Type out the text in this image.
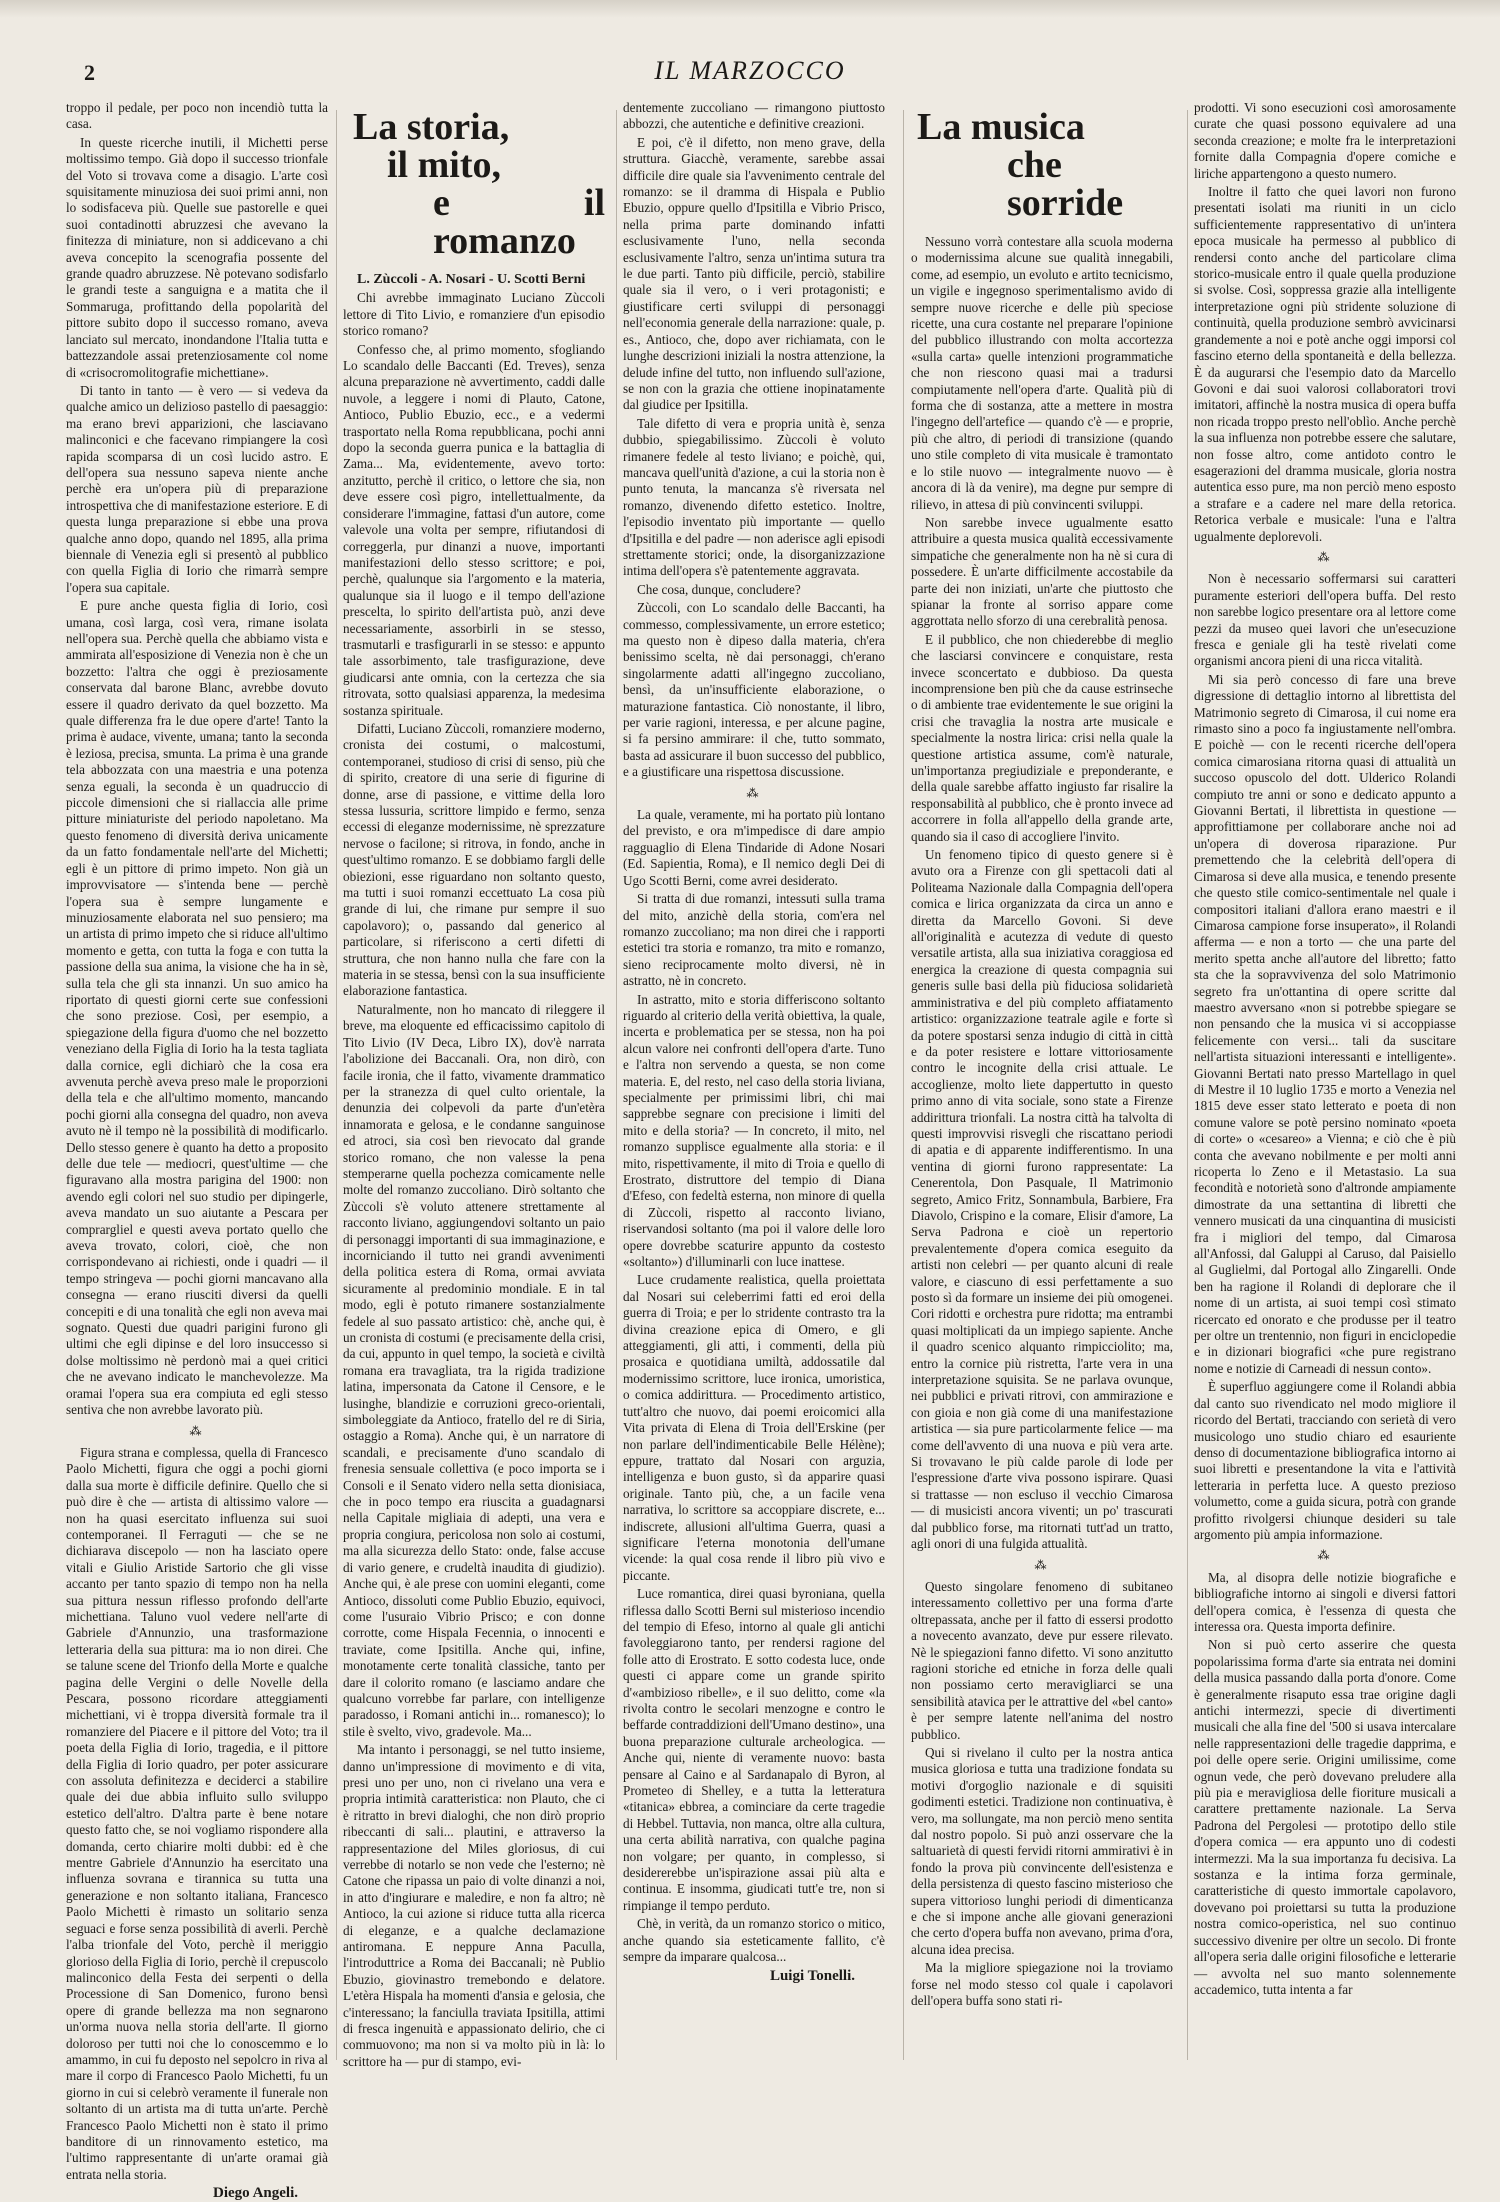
2	IL MARZOCCO

troppo il pedale, per poco non incendiò tutta la casa.

In queste ricerche inutili, il Michetti perse moltissimo tempo. Già dopo il successo trionfale del Voto si trovava come a disagio. L'arte così squisitamente minuziosa dei suoi primi anni, non lo sodisfaceva più. Quelle sue pastorelle e quei suoi contadinotti abruzzesi che avevano la finitezza di miniature, non si addicevano a chi aveva concepito la scenografia possente del grande quadro abruzzese. Nè potevano sodisfarlo le grandi teste a sanguigna e a matita che il Sommaruga, profittando della popolarità del pittore subito dopo il successo romano, aveva lanciato sul mercato, inondandone l'Italia tutta e battezzandole assai pretenziosamente col nome di «crisocromolitografie michettiane».

Di tanto in tanto — è vero — si vedeva da qualche amico un delizioso pastello di paesaggio: ma erano brevi apparizioni, che lasciavano malinconici e che facevano rimpiangere la così rapida scomparsa di un così lucido astro. E dell'opera sua nessuno sapeva niente anche perchè era un'opera più di preparazione introspettiva che di manifestazione esteriore. E di questa lunga preparazione si ebbe una prova qualche anno dopo, quando nel 1895, alla prima biennale di Venezia egli si presentò al pubblico con quella Figlia di Iorio che rimarrà sempre l'opera sua capitale.

E pure anche questa figlia di Iorio, così umana, così larga, così vera, rimane isolata nell'opera sua. Perchè quella che abbiamo vista e ammirata all'esposizione di Venezia non è che un bozzetto: l'altra che oggi è preziosamente conservata dal barone Blanc, avrebbe dovuto essere il quadro derivato da quel bozzetto. Ma quale differenza fra le due opere d'arte! Tanto la prima è audace, vivente, umana; tanto la seconda è leziosa, precisa, smunta. La prima è una grande tela abbozzata con una maestria e una potenza senza eguali, la seconda è un quadruccio di piccole dimensioni che si riallaccia alle prime pitture miniaturiste del periodo napoletano. Ma questo fenomeno di diversità deriva unicamente da un fatto fondamentale nell'arte del Michetti; egli è un pittore di primo impeto. Non già un improvvisatore — s'intenda bene — perchè l'opera sua è sempre lungamente e minuziosamente elaborata nel suo pensiero; ma un artista di primo impeto che si riduce all'ultimo momento e getta, con tutta la foga e con tutta la passione della sua anima, la visione che ha in sè, sulla tela che gli sta innanzi. Un suo amico ha riportato di questi giorni certe sue confessioni che sono preziose. Così, per esempio, a spiegazione della figura d'uomo che nel bozzetto veneziano della Figlia di Iorio ha la testa tagliata dalla cornice, egli dichiarò che la cosa era avvenuta perchè aveva preso male le proporzioni della tela e che all'ultimo momento, mancando pochi giorni alla consegna del quadro, non aveva avuto nè il tempo nè la possibilità di modificarlo. Dello stesso genere è quanto ha detto a proposito delle due tele — mediocri, quest'ultime — che figuravano alla mostra parigina del 1900: non avendo egli colori nel suo studio per dipingerle, aveva mandato un suo aiutante a Pescara per comprargliel e questi aveva portato quello che aveva trovato, colori, cioè, che non corrispondevano ai richiesti, onde i quadri — il tempo stringeva — pochi giorni mancavano alla consegna — erano riusciti diversi da quelli concepiti e di una tonalità che egli non aveva mai sognato. Questi due quadri parigini furono gli ultimi che egli dipinse e del loro insuccesso si dolse moltissimo nè perdonò mai a quei critici che ne avevano indicato le manchevolezze. Ma oramai l'opera sua era compiuta ed egli stesso sentiva che non avrebbe lavorato più.

⁂

Figura strana e complessa, quella di Francesco Paolo Michetti, figura che oggi a pochi giorni dalla sua morte è difficile definire. Quello che si può dire è che — artista di altissimo valore — non ha quasi esercitato influenza sui suoi contemporanei. Il Ferraguti — che se ne dichiarava discepolo — non ha lasciato opere vitali e Giulio Aristide Sartorio che gli visse accanto per tanto spazio di tempo non ha nella sua pittura nessun riflesso profondo dell'arte michettiana. Taluno vuol vedere nell'arte di Gabriele d'Annunzio, una trasformazione letteraria della sua pittura: ma io non direi. Che se talune scene del Trionfo della Morte e qualche pagina delle Vergini o delle Novelle della Pescara, possono ricordare atteggiamenti michettiani, vi è troppa diversità formale tra il romanziere del Piacere e il pittore del Voto; tra il poeta della Figlia di Iorio, tragedia, e il pittore della Figlia di Iorio quadro, per poter assicurare con assoluta definitezza e deciderci a stabilire quale dei due abbia influito sullo sviluppo estetico dell'altro. D'altra parte è bene notare questo fatto che, se noi vogliamo rispondere alla domanda, certo chiarire molti dubbi: ed è che mentre Gabriele d'Annunzio ha esercitato una influenza sovrana e tirannica su tutta una generazione e non soltanto italiana, Francesco Paolo Michetti è rimasto un solitario senza seguaci e forse senza possibilità di averli. Perchè l'alba trionfale del Voto, perchè il meriggio glorioso della Figlia di Iorio, perchè il crepuscolo malinconico della Festa dei serpenti o della Processione di San Domenico, furono bensì opere di grande bellezza ma non segnarono un'orma nuova nella storia dell'arte. Il giorno doloroso per tutti noi che lo conoscemmo e lo amammo, in cui fu deposto nel sepolcro in riva al mare il corpo di Francesco Paolo Michetti, fu un giorno in cui si celebrò veramente il funerale non soltanto di un artista ma di tutta un'arte. Perchè Francesco Paolo Michetti non è stato il primo banditore di un rinnovamento estetico, ma l'ultimo rappresentante di un'arte oramai già entrata nella storia.

Diego Angeli.

La storia,
il mito,
e il romanzo

L. Zùccoli - A. Nosari - U. Scotti Berni

Chi avrebbe immaginato Luciano Zùccoli lettore di Tito Livio, e romanziere d'un episodio storico romano?

Confesso che, al primo momento, sfogliando Lo scandalo delle Baccanti (Ed. Treves), senza alcuna preparazione nè avvertimento, caddi dalle nuvole, a leggere i nomi di Plauto, Catone, Antioco, Publio Ebuzio, ecc., e a vedermi trasportato nella Roma repubblicana, pochi anni dopo la seconda guerra punica e la battaglia di Zama... Ma, evidentemente, avevo torto: anzitutto, perchè il critico, o lettore che sia, non deve essere così pigro, intellettualmente, da considerare l'immagine, fattasi d'un autore, come valevole una volta per sempre, rifiutandosi di correggerla, pur dinanzi a nuove, importanti manifestazioni dello stesso scrittore; e poi, perchè, qualunque sia l'argomento e la materia, qualunque sia il luogo e il tempo dell'azione prescelta, lo spirito dell'artista può, anzi deve necessariamente, assorbirli in se stesso, trasmutarli e trasfigurarli in se stesso: e appunto tale assorbimento, tale trasfigurazione, deve giudicarsi ante omnia, con la certezza che sia ritrovata, sotto qualsiasi apparenza, la medesima sostanza spirituale.

Difatti, Luciano Zùccoli, romanziere moderno, cronista dei costumi, o malcostumi, contemporanei, studioso di crisi di senso, più che di spirito, creatore di una serie di figurine di donne, arse di passione, e vittime della loro stessa lussuria, scrittore limpido e fermo, senza eccessi di eleganze modernissime, nè sprezzature nervose o facilone; si ritrova, in fondo, anche in quest'ultimo romanzo. E se dobbiamo fargli delle obiezioni, esse riguardano non soltanto questo, ma tutti i suoi romanzi eccettuato La cosa più grande di lui, che rimane pur sempre il suo capolavoro); o, passando dal generico al particolare, si riferiscono a certi difetti di struttura, che non hanno nulla che fare con la materia in se stessa, bensì con la sua insufficiente elaborazione fantastica.

Naturalmente, non ho mancato di rileggere il breve, ma eloquente ed efficacissimo capitolo di Tito Livio (IV Deca, Libro IX), dov'è narrata l'abolizione dei Baccanali. Ora, non dirò, con facile ironia, che il fatto, vivamente drammatico per la stranezza di quel culto orientale, la denunzia dei colpevoli da parte d'un'etèra innamorata e gelosa, e le condanne sanguinose ed atroci, sia così ben rievocato dal grande storico romano, che non valesse la pena stemperarne quella pochezza comicamente nelle molte del romanzo zuccoliano. Dirò soltanto che Zùccoli s'è voluto attenere strettamente al racconto liviano, aggiungendovi soltanto un paio di personaggi importanti di sua immaginazione, e incorniciando il tutto nei grandi avvenimenti della politica estera di Roma, ormai avviata sicuramente al predominio mondiale. E in tal modo, egli è potuto rimanere sostanzialmente fedele al suo passato artistico: chè, anche qui, è un cronista di costumi (e precisamente della crisi, da cui, appunto in quel tempo, la società e civiltà romana era travagliata, tra la rigida tradizione latina, impersonata da Catone il Censore, e le lusinghe, blandizie e corruzioni greco-orientali, simboleggiate da Antioco, fratello del re di Siria, ostaggio a Roma). Anche qui, è un narratore di scandali, e precisamente d'uno scandalo di frenesia sensuale collettiva (e poco importa se i Consoli e il Senato videro nella setta dionisiaca, che in poco tempo era riuscita a guadagnarsi nella Capitale migliaia di adepti, una vera e propria congiura, pericolosa non solo ai costumi, ma alla sicurezza dello Stato: onde, false accuse di vario genere, e crudeltà inaudita di giudizio). Anche qui, è ale prese con uomini eleganti, come Antioco, dissoluti come Publio Ebuzio, equivoci, come l'usuraio Vibrio Prisco; e con donne corrotte, come Hispala Fecennia, o innocenti e traviate, come Ipsitilla. Anche qui, infine, monotamente certe tonalità classiche, tanto per dare il colorito romano (e lasciamo andare che qualcuno vorrebbe far parlare, con intelligenze paradosso, i Romani antichi in... romanesco); lo stile è svelto, vivo, gradevole. Ma...

Ma intanto i personaggi, se nel tutto insieme, danno un'impressione di movimento e di vita, presi uno per uno, non ci rivelano una vera e propria intimità caratteristica: non Plauto, che ci è ritratto in brevi dialoghi, che non dirò proprio ribeccanti di sali... plautini, e attraverso la rappresentazione del Miles gloriosus, di cui verrebbe di notarlo se non vede che l'esterno; nè Catone che ripassa un paio di volte dinanzi a noi, in atto d'ingiurare e maledire, e non fa altro; nè Antioco, la cui azione si riduce tutta alla ricerca di eleganze, e a qualche declamazione antiromana. E neppure Anna Paculla, l'introduttrice a Roma dei Baccanali; nè Publio Ebuzio, giovinastro tremebondo e delatore. L'etèra Hispala ha momenti d'ansia e gelosia, che c'interessano; la fanciulla traviata Ipsitilla, attimi di fresca ingenuità e appassionato delirio, che ci commuovono; ma non si va molto più in là: lo scrittore ha — pur di stampo, evi-

dentemente zuccoliano — rimangono piuttosto abbozzi, che autentiche e definitive creazioni.

E poi, c'è il difetto, non meno grave, della struttura. Giacchè, veramente, sarebbe assai difficile dire quale sia l'avvenimento centrale del romanzo: se il dramma di Hispala e Publio Ebuzio, oppure quello d'Ipsitilla e Vibrio Prisco, nella prima parte dominando infatti esclusivamente l'uno, nella seconda esclusivamente l'altro, senza un'intima sutura tra le due parti. Tanto più difficile, perciò, stabilire quale sia il vero, o i veri protagonisti; e giustificare certi sviluppi di personaggi nell'economia generale della narrazione: quale, p. es., Antioco, che, dopo aver richiamata, con le lunghe descrizioni iniziali la nostra attenzione, la delude infine del tutto, non influendo sull'azione, se non con la grazia che ottiene inopinatamente dal giudice per Ipsitilla.

Tale difetto di vera e propria unità è, senza dubbio, spiegabilissimo. Zùccoli è voluto rimanere fedele al testo liviano; e poichè, qui, mancava quell'unità d'azione, a cui la storia non è punto tenuta, la mancanza s'è riversata nel romanzo, divenendo difetto estetico. Inoltre, l'episodio inventato più importante — quello d'Ipsitilla e del padre — non aderisce agli episodi strettamente storici; onde, la disorganizzazione intima dell'opera s'è patentemente aggravata.

Che cosa, dunque, concludere?

Zùccoli, con Lo scandalo delle Baccanti, ha commesso, complessivamente, un errore estetico; ma questo non è dipeso dalla materia, ch'era benissimo scelta, nè dai personaggi, ch'erano singolarmente adatti all'ingegno zuccoliano, bensì, da un'insufficiente elaborazione, o maturazione fantastica. Ciò nonostante, il libro, per varie ragioni, interessa, e per alcune pagine, si fa persino ammirare: il che, tutto sommato, basta ad assicurare il buon successo del pubblico, e a giustificare una rispettosa discussione.

⁂

La quale, veramente, mi ha portato più lontano del previsto, e ora m'impedisce di dare ampio ragguaglio di Elena Tindaride di Adone Nosari (Ed. Sapientia, Roma), e Il nemico degli Dei di Ugo Scotti Berni, come avrei desiderato.

Si tratta di due romanzi, intessuti sulla trama del mito, anzichè della storia, com'era nel romanzo zuccoliano; ma non direi che i rapporti estetici tra storia e romanzo, tra mito e romanzo, sieno reciprocamente molto diversi, nè in astratto, nè in concreto.

In astratto, mito e storia differiscono soltanto riguardo al criterio della verità obiettiva, la quale, incerta e problematica per se stessa, non ha poi alcun valore nei confronti dell'opera d'arte. Tuno e l'altra non servendo a questa, se non come materia. E, del resto, nel caso della storia liviana, specialmente per primissimi libri, chi mai sapprebbe segnare con precisione i limiti del mito e della storia? — In concreto, il mito, nel romanzo supplisce egualmente alla storia: e il mito, rispettivamente, il mito di Troia e quello di Erostrato, distruttore del tempio di Diana d'Efeso, con fedeltà esterna, non minore di quella di Zùccoli, rispetto al racconto liviano, riservandosi soltanto (ma poi il valore delle loro opere dovrebbe scaturire appunto da costesto «soltanto») d'illuminarli con luce inattese.

Luce crudamente realistica, quella proiettata dal Nosari sui celeberrimi fatti ed eroi della guerra di Troia; e per lo stridente contrasto tra la divina creazione epica di Omero, e gli atteggiamenti, gli atti, i commenti, della più prosaica e quotidiana umiltà, addossatile dal modernissimo scrittore, luce ironica, umoristica, o comica addirittura. — Procedimento artistico, tutt'altro che nuovo, dai poemi eroicomici alla Vita privata di Elena di Troia dell'Erskine (per non parlare dell'indimenticabile Belle Hélène); eppure, trattato dal Nosari con arguzia, intelligenza e buon gusto, sì da apparire quasi originale. Tanto più, che, a un facile vena narrativa, lo scrittore sa accoppiare discrete, e... indiscrete, allusioni all'ultima Guerra, quasi a significare l'eterna monotonia dell'umane vicende: la qual cosa rende il libro più vivo e piccante.

Luce romantica, direi quasi byroniana, quella riflessa dallo Scotti Berni sul misterioso incendio del tempio di Efeso, intorno al quale gli antichi favoleggiarono tanto, per rendersi ragione del folle atto di Erostrato. E sotto codesta luce, onde questi ci appare come un grande spirito d'«ambizioso ribelle», e il suo delitto, come «la rivolta contro le secolari menzogne e contro le beffarde contraddizioni dell'Umano destino», una buona preparazione culturale archeologica. — Anche qui, niente di veramente nuovo: basta pensare al Caino e al Sardanapalo di Byron, al Prometeo di Shelley, e a tutta la letteratura «titanica» ebbrea, a cominciare da certe tragedie di Hebbel. Tuttavia, non manca, oltre alla cultura, una certa abilità narrativa, con qualche pagina non volgare; per quanto, in complesso, si desidererebbe un'ispirazione assai più alta e continua. E insomma, giudicati tutt'e tre, non si rimpiange il tempo perduto.

Chè, in verità, da un romanzo storico o mitico, anche quando sia esteticamente fallito, c'è sempre da imparare qualcosa...

Luigi Tonelli.

La musica
che sorride

Nessuno vorrà contestare alla scuola moderna o modernissima alcune sue qualità innegabili, come, ad esempio, un evoluto e artito tecnicismo, un vigile e ingegnoso sperimentalismo avido di sempre nuove ricerche e delle più speciose ricette, una cura costante nel preparare l'opinione del pubblico illustrando con molta accortezza «sulla carta» quelle intenzioni programmatiche che non riescono quasi mai a tradursi compiutamente nell'opera d'arte. Qualità più di forma che di sostanza, atte a mettere in mostra l'ingegno dell'artefice — quando c'è — e proprie, più che altro, di periodi di transizione (quando uno stile completo di vita musicale è tramontato e lo stile nuovo — integralmente nuovo — è ancora di là da venire), ma degne pur sempre di rilievo, in attesa di più convincenti sviluppi.

Non sarebbe invece ugualmente esatto attribuire a questa musica qualità eccessivamente simpatiche che generalmente non ha nè si cura di possedere. È un'arte difficilmente accostabile da parte dei non iniziati, un'arte che piuttosto che spianar la fronte al sorriso appare come aggrottata nello sforzo di una cerebralità penosa.

E il pubblico, che non chiederebbe di meglio che lasciarsi convincere e conquistare, resta invece sconcertato e dubbioso. Da questa incomprensione ben più che da cause estrinseche o di ambiente trae evidentemente le sue origini la crisi che travaglia la nostra arte musicale e specialmente la nostra lirica: crisi nella quale la questione artistica assume, com'è naturale, un'importanza pregiudiziale e preponderante, e della quale sarebbe affatto ingiusto far risalire la responsabilità al pubblico, che è pronto invece ad accorrere in folla all'appello della grande arte, quando sia il caso di accogliere l'invito.

Un fenomeno tipico di questo genere si è avuto ora a Firenze con gli spettacoli dati al Politeama Nazionale dalla Compagnia dell'opera comica e lirica organizzata da circa un anno e diretta da Marcello Govoni. Si deve all'originalità e acutezza di vedute di questo versatile artista, alla sua iniziativa coraggiosa ed energica la creazione di questa compagnia sui generis sulle basi della più fiduciosa solidarietà amministrativa e del più completo affiatamento artistico: organizzazione teatrale agile e forte sì da potere spostarsi senza indugio di città in città e da poter resistere e lottare vittoriosamente contro le incognite della crisi attuale. Le accoglienze, molto liete dappertutto in questo primo anno di vita sociale, sono state a Firenze addirittura trionfali. La nostra città ha talvolta di questi improvvisi risvegli che riscattano periodi di apatia e di apparente indifferentismo. In una ventina di giorni furono rappresentate: La Cenerentola, Don Pasquale, Il Matrimonio segreto, Amico Fritz, Sonnambula, Barbiere, Fra Diavolo, Crispino e la comare, Elisir d'amore, La Serva Padrona e cioè un repertorio prevalentemente d'opera comica eseguito da artisti non celebri — per quanto alcuni di reale valore, e ciascuno di essi perfettamente a suo posto sì da formare un insieme dei più omogenei. Cori ridotti e orchestra pure ridotta; ma entrambi quasi moltiplicati da un impiego sapiente. Anche il quadro scenico alquanto rimpicciolito; ma, entro la cornice più ristretta, l'arte vera in una interpretazione squisita. Se ne parlava ovunque, nei pubblici e privati ritrovi, con ammirazione e con gioia e non già come di una manifestazione artistica — sia pure particolarmente felice — ma come dell'avvento di una nuova e più vera arte. Si trovavano le più calde parole di lode per l'espressione d'arte viva possono ispirare. Quasi si trattasse — non escluso il vecchio Cimarosa — di musicisti ancora viventi; un po' trascurati dal pubblico forse, ma ritornati tutt'ad un tratto, agli onori di una fulgida attualità.

⁂

Questo singolare fenomeno di subitaneo interessamento collettivo per una forma d'arte oltrepassata, anche per il fatto di essersi prodotto a novecento avanzato, deve pur essere rilevato. Nè le spiegazioni fanno difetto. Vi sono anzitutto ragioni storiche ed etniche in forza delle quali non possiamo certo meravigliarci se una sensibilità atavica per le attrattive del «bel canto» è per sempre latente nell'anima del nostro pubblico.

Qui si rivelano il culto per la nostra antica musica gloriosa e tutta una tradizione fondata su motivi d'orgoglio nazionale e di squisiti godimenti estetici. Tradizione non continuativa, è vero, ma sollungate, ma non perciò meno sentita dal nostro popolo. Si può anzi osservare che la saltuarietà di questi fervidi ritorni ammirativi è in fondo la prova più convincente dell'esistenza e della persistenza di questo fascino misterioso che supera vittorioso lunghi periodi di dimenticanza e che si impone anche alle giovani generazioni che certo d'opera buffa non avevano, prima d'ora, alcuna idea precisa.

Ma la migliore spiegazione noi la troviamo forse nel modo stesso col quale i capolavori dell'opera buffa sono stati ri-

prodotti. Vi sono esecuzioni così amorosamente curate che quasi possono equivalere ad una seconda creazione; e molte fra le interpretazioni fornite dalla Compagnia d'opere comiche e liriche appartengono a questo numero.

Inoltre il fatto che quei lavori non furono presentati isolati ma riuniti in un ciclo sufficientemente rappresentativo di un'intera epoca musicale ha permesso al pubblico di rendersi conto anche del particolare clima storico-musicale entro il quale quella produzione si svolse. Così, soppressa grazie alla intelligente interpretazione ogni più stridente soluzione di continuità, quella produzione sembrò avvicinarsi grandemente a noi e potè anche oggi imporsi col fascino eterno della spontaneità e della bellezza. È da augurarsi che l'esempio dato da Marcello Govoni e dai suoi valorosi collaboratori trovi imitatori, affinchè la nostra musica di opera buffa non ricada troppo presto nell'oblìo. Anche perchè la sua influenza non potrebbe essere che salutare, non fosse altro, come antidoto contro le esagerazioni del dramma musicale, gloria nostra autentica esso pure, ma non perciò meno esposto a strafare e a cadere nel mare della retorica. Retorica verbale e musicale: l'una e l'altra ugualmente deplorevoli.

⁂

Non è necessario soffermarsi sui caratteri puramente esteriori dell'opera buffa. Del resto non sarebbe logico presentare ora al lettore come pezzi da museo quei lavori che un'esecuzione fresca e geniale gli ha testè rivelati come organismi ancora pieni di una ricca vitalità.

Mi sia però concesso di fare una breve digressione di dettaglio intorno al librettista del Matrimonio segreto di Cimarosa, il cui nome era rimasto sino a poco fa ingiustamente nell'ombra. E poichè — con le recenti ricerche dell'opera comica cimarosiana ritorna quasi di attualità un succoso opuscolo del dott. Ulderico Rolandi compiuto tre anni or sono e dedicato appunto a Giovanni Bertati, il librettista in questione — approfittiamone per collaborare anche noi ad un'opera di doverosa riparazione. Pur premettendo che la celebrità dell'opera di Cimarosa si deve alla musica, e tenendo presente che questo stile comico-sentimentale nel quale i compositori italiani d'allora erano maestri e il Cimarosa campione forse insuperato», il Rolandi afferma — e non a torto — che una parte del merito spetta anche all'autore del libretto; fatto sta che la sopravvivenza del solo Matrimonio segreto fra un'ottantina di opere scritte dal maestro avversano «non si potrebbe spiegare se non pensando che la musica vi si accoppiasse felicemente con versi... tali da suscitare nell'artista situazioni interessanti e intelligente». Giovanni Bertati nato presso Martellago in quel di Mestre il 10 luglio 1735 e morto a Venezia nel 1815 deve esser stato letterato e poeta di non comune valore se potè persino nominato «poeta di corte» o «cesareo» a Vienna; e ciò che è più conta che avevano nobilmente e per molti anni ricoperta lo Zeno e il Metastasio. La sua fecondità e notorietà sono d'altronde ampiamente dimostrate da una settantina di libretti che vennero musicati da una cinquantina di musicisti fra i migliori del tempo, dal Cimarosa all'Anfossi, dal Galuppi al Caruso, dal Paisiello al Guglielmi, dal Portogal allo Zingarelli. Onde ben ha ragione il Rolandi di deplorare che il nome di un artista, ai suoi tempi così stimato ricercato ed onorato e che produsse per il teatro per oltre un trentennio, non figuri in enciclopedie e in dizionari biografici «che pure registrano nome e notizie di Carneadi di nessun conto».

È superfluo aggiungere come il Rolandi abbia dal canto suo rivendicato nel modo migliore il ricordo del Bertati, tracciando con serietà di vero musicologo uno studio chiaro ed esauriente denso di documentazione bibliografica intorno ai suoi libretti e presentandone la vita e l'attività letteraria in perfetta luce. A questo prezioso volumetto, come a guida sicura, potrà con grande profitto rivolgersi chiunque desideri su tale argomento più ampia informazione.

⁂

Ma, al disopra delle notizie biografiche e bibliografiche intorno ai singoli e diversi fattori dell'opera comica, è l'essenza di questa che interessa ora. Questa importa definire.

Non si può certo asserire che questa popolarissima forma d'arte sia entrata nei domini della musica passando dalla porta d'onore. Come è generalmente risaputo essa trae origine dagli antichi intermezzi, specie di divertimenti musicali che alla fine del '500 si usava intercalare nelle rappresentazioni delle tragedie dapprima, e poi delle opere serie. Origini umilissime, come ognun vede, che però dovevano preludere alla più pia e meravigliosa delle fioriture musicali a carattere prettamente nazionale. La Serva Padrona del Pergolesi — prototipo dello stile d'opera comica — era appunto uno di codesti intermezzi. Ma la sua importanza fu decisiva. La sostanza e la intima forza germinale, caratteristiche di questo immortale capolavoro, dovevano poi proiettarsi su tutta la produzione nostra comico-operistica, nel suo continuo successivo divenire per oltre un secolo. Di fronte all'opera seria dalle origini filosofiche e letterarie — avvolta nel suo manto solennemente accademico, tutta intenta a far
